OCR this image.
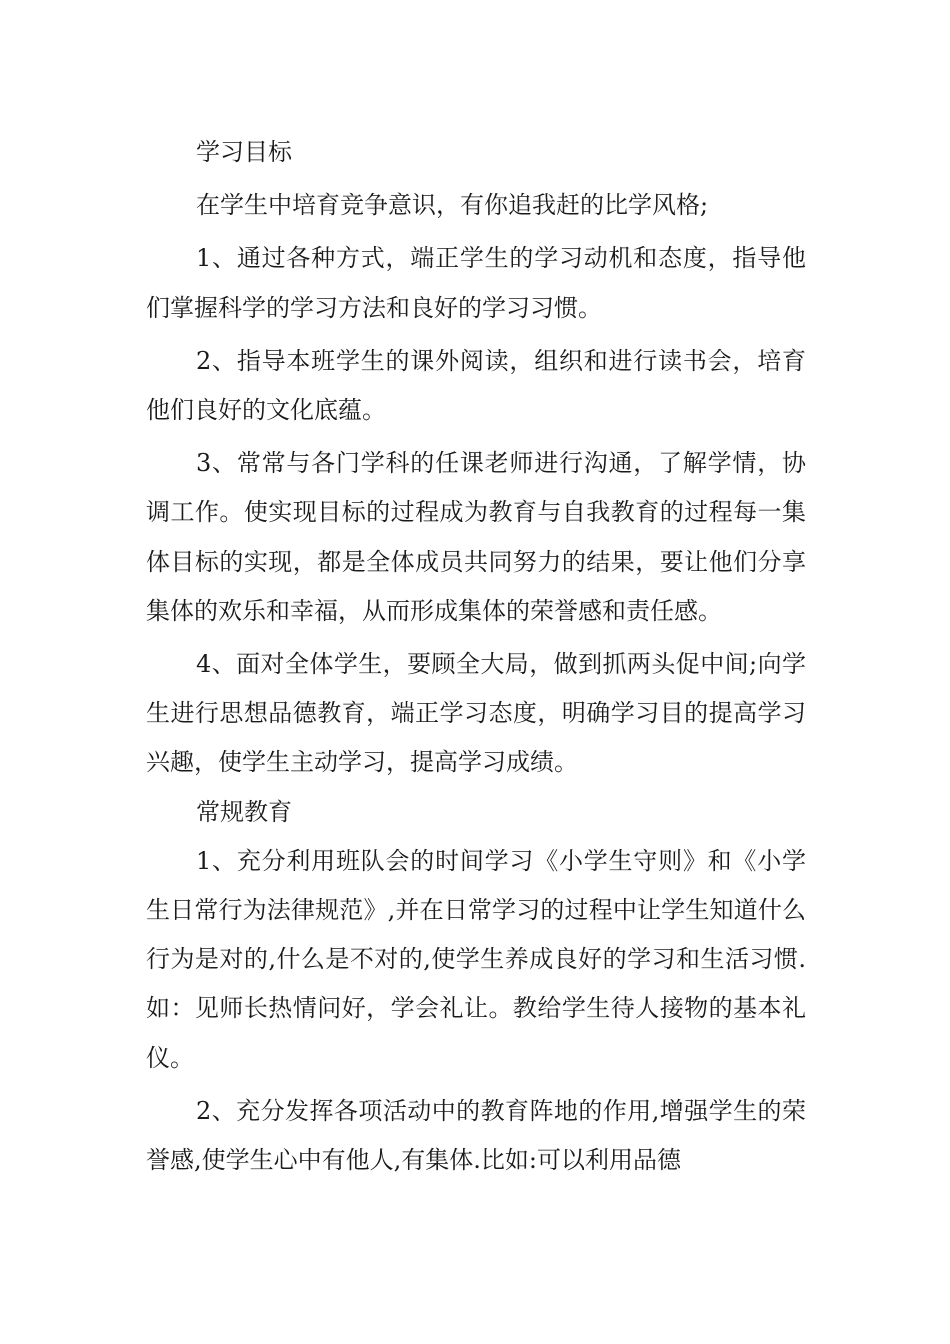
学习目标

在学生中培育竞争意识，有你追我赶的比学风格;

1、通过各种方式，端正学生的学习动机和态度，指导他们掌握科学的学习方法和良好的学习习惯。

2、指导本班学生的课外阅读，组织和进行读书会，培育他们良好的文化底蕴。

3、常常与各门学科的任课老师进行沟通，了解学情，协调工作。使实现目标的过程成为教育与自我教育的过程每一集体目标的实现，都是全体成员共同努力的结果，要让他们分享集体的欢乐和幸福，从而形成集体的荣誉感和责任感。

4、面对全体学生，要顾全大局，做到抓两头促中间;向学生进行思想品德教育，端正学习态度，明确学习目的提高学习兴趣，使学生主动学习，提高学习成绩。

常规教育

1、充分利用班队会的时间学习《小学生守则》和《小学生日常行为法律规范》,并在日常学习的过程中让学生知道什么行为是对的,什么是不对的,使学生养成良好的学习和生活习惯. 如：见师长热情问好，学会礼让。教给学生待人接物的基本礼仪。

2、充分发挥各项活动中的教育阵地的作用,增强学生的荣誉感,使学生心中有他人,有集体.比如:可以利用品德
